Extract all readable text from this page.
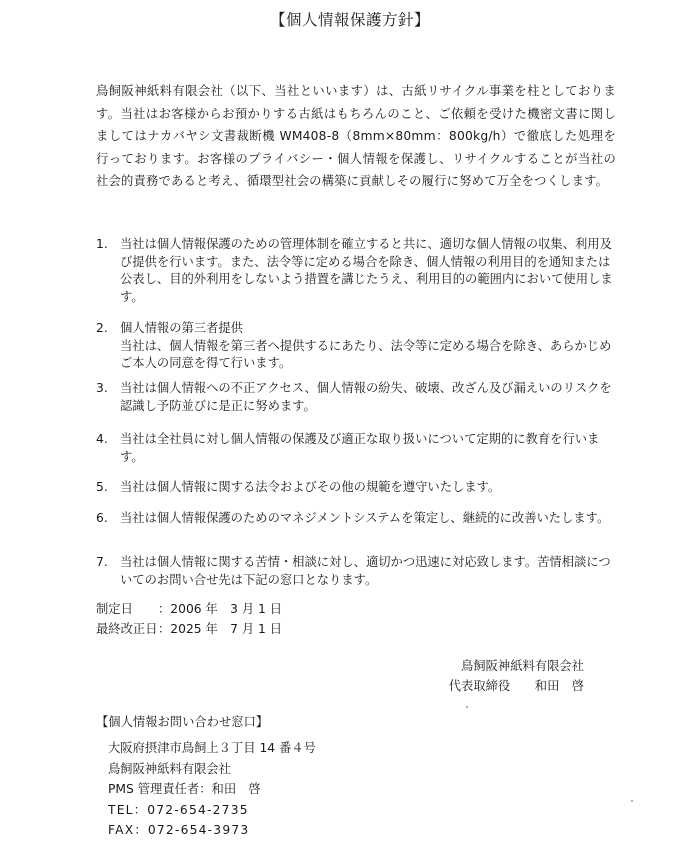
【個人情報保護方針】
鳥飼阪神紙料有限会社（以下、当社といいます）は、古紙リサイクル事業を柱としております。当社はお客様からお預かりする古紙はもちろんのこと、ご依頼を受けた機密文書に関しましてはナカバヤシ文書裁断機 WM408-8（8mm×80mm：800kg/h）で徹底した処理を行っております。お客様のプライバシー・個人情報を保護し、リサイクルすることが当社の社会的責務であると考え、循環型社会の構築に貢献しその履行に努めて万全をつくします。
1. 当社は個人情報保護のための管理体制を確立すると共に、適切な個人情報の収集、利用及び提供を行います。また、法令等に定める場合を除き、個人情報の利用目的を通知または公表し、目的外利用をしないよう措置を講じたうえ、利用目的の範囲内において使用します。
2. 個人情報の第三者提供
当社は、個人情報を第三者へ提供するにあたり、法令等に定める場合を除き、あらかじめご本人の同意を得て行います。
3. 当社は個人情報への不正アクセス、個人情報の紛失、破壊、改ざん及び漏えいのリスクを認識し予防並びに是正に努めます。
4. 当社は全社員に対し個人情報の保護及び適正な取り扱いについて定期的に教育を行います。
5. 当社は個人情報に関する法令およびその他の規範を遵守いたします。
6. 当社は個人情報保護のためのマネジメントシステムを策定し、継続的に改善いたします。
7. 当社は個人情報に関する苦情・相談に対し、適切かつ迅速に対応致します。苦情相談についてのお問い合せ先は下記の窓口となります。
制定日 ：2006 年　3 月 1 日
最終改正日：2025 年　7 月 1 日
鳥飼阪神紙料有限会社
代表取締役　　和田　啓
【個人情報お問い合わせ窓口】
大阪府摂津市鳥飼上３丁目 14 番４号
鳥飼阪神紙料有限会社
PMS 管理責任者：和田　啓
TEL：072-654-2735
FAX：072-654-3973
